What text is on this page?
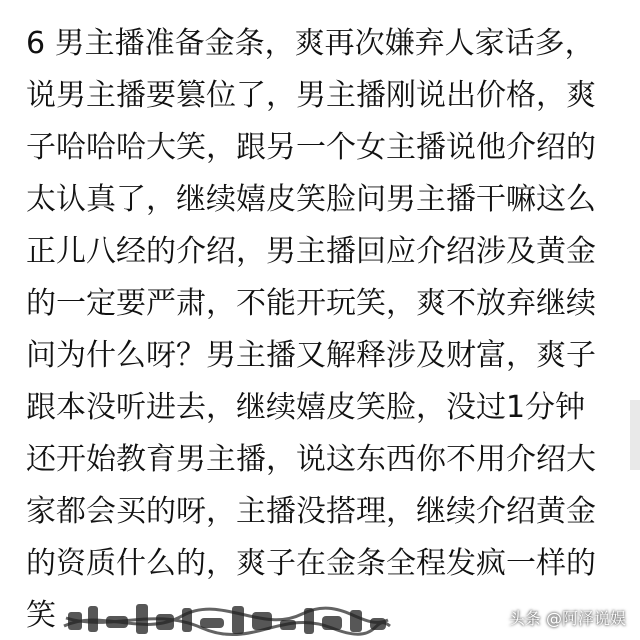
6 男主播准备金条，爽再次嫌弃人家话多，
说男主播要篡位了，男主播刚说出价格，爽
子哈哈哈大笑，跟另一个女主播说他介绍的
太认真了，继续嬉皮笑脸问男主播干嘛这么
正儿八经的介绍，男主播回应介绍涉及黄金
的一定要严肃，不能开玩笑，爽不放弃继续
问为什么呀？男主播又解释涉及财富，爽子
跟本没听进去，继续嬉皮笑脸，没过1分钟
还开始教育男主播，说这东西你不用介绍大
家都会买的呀，主播没搭理，继续介绍黄金
的资质什么的，爽子在金条全程发疯一样的
笑	头条 @阿泽说娱
